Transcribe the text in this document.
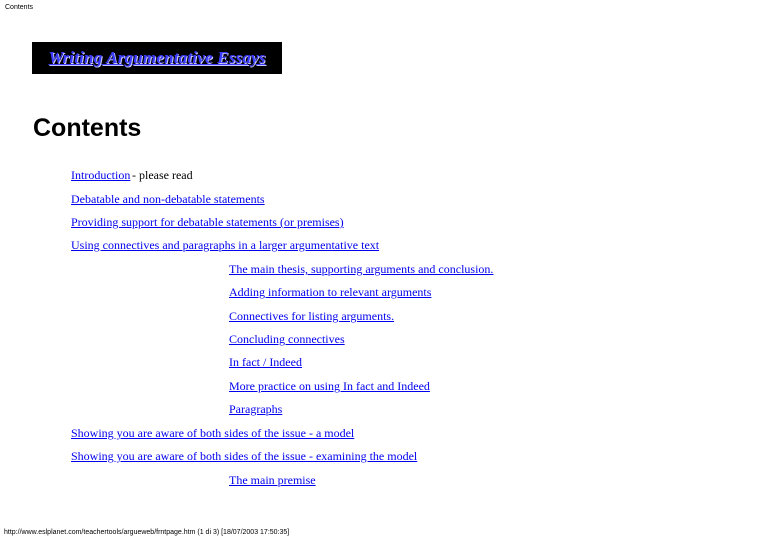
Contents
Writing Argumentative Essays
Contents
Introduction - please read
Debatable and non-debatable statements
Providing support for debatable statements (or premises)
Using connectives and paragraphs in a larger argumentative text
The main thesis, supporting arguments and conclusion.
Adding information to relevant arguments
Connectives for listing arguments.
Concluding connectives
In fact / Indeed
More practice on using In fact and Indeed
Paragraphs
Showing you are aware of both sides of the issue - a model
Showing you are aware of both sides of the issue - examining the model
The main premise
http://www.eslplanet.com/teachertools/argueweb/frntpage.htm (1 di 3) [18/07/2003 17:50:35]
